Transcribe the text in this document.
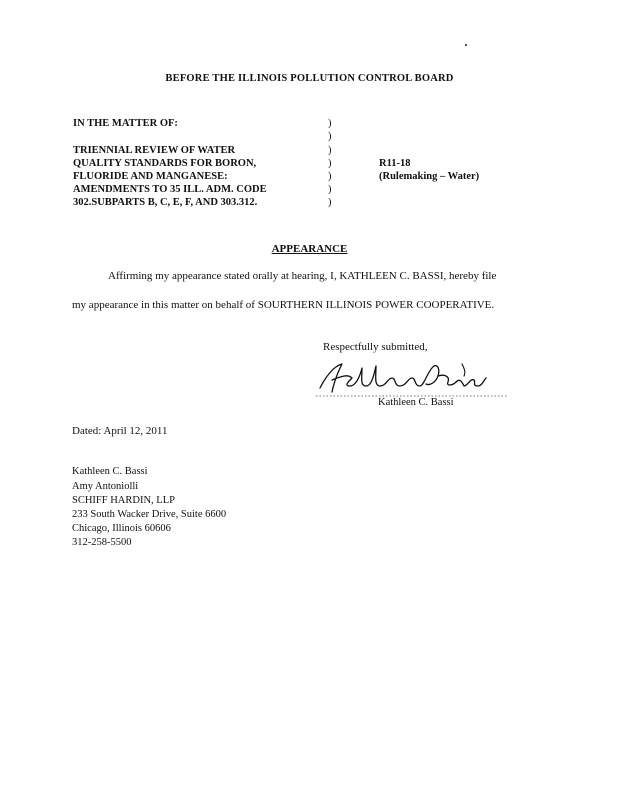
BEFORE THE ILLINOIS POLLUTION CONTROL BOARD
IN THE MATTER OF:
TRIENNIAL REVIEW OF WATER
QUALITY STANDARDS FOR BORON,
FLUORIDE AND MANGANESE:
AMENDMENTS TO 35 ILL. ADM. CODE
302.SUBPARTS B, C, E, F, AND 303.312.
)
)
)
)
)
)
)
R11-18
(Rulemaking – Water)
APPEARANCE
Affirming my appearance stated orally at hearing, I, KATHLEEN C. BASSI, hereby file
my appearance in this matter on behalf of SOURTHERN ILLINOIS POWER COOPERATIVE.
Respectfully submitted,
Kathleen C. Bassi
Dated: April 12, 2011
Kathleen C. Bassi
Amy Antoniolli
SCHIFF HARDIN, LLP
233 South Wacker Drive, Suite 6600
Chicago, Illinois 60606
312-258-5500
